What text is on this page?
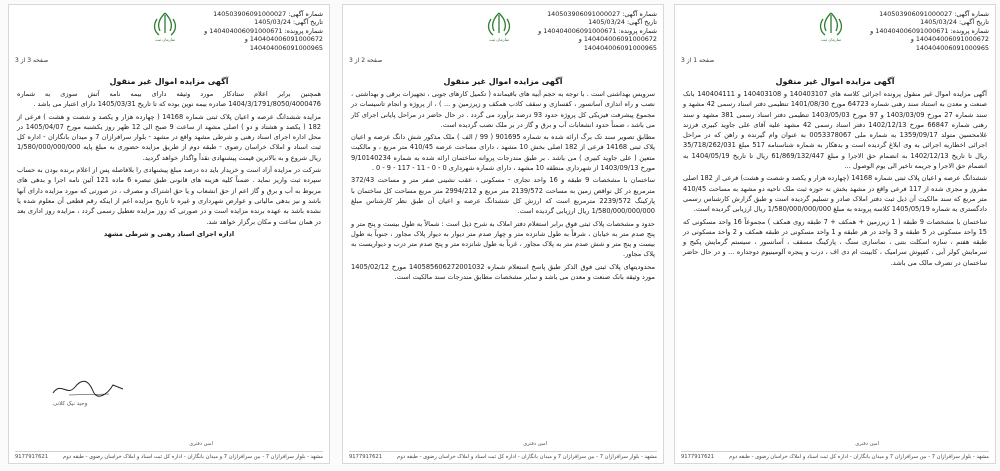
شماره آگهی: 140503906091000027
تاریخ آگهی: 1405/03/24
شماره پرونده: 140404006091000671 و
140404006091000672 و
140404006091000965
سازمان ثبت
صفحه 1 از 3
آگهی مزایده اموال غیر منقول

آگهی مزایده اموال غیر منقول پرونده اجرائی کلاسه های 140403107 و 140403108 و 140404111 بانک صنعت و معدن به استناد سند رهنی شماره 64723 مورخ 1401/08/30 تنظیمی دفتر اسناد رسمی 42 مشهد و سند شماره 27 مورخ 1403/03/09 و 97 مورخ 1403/05/03 تنظیمی دفتر اسناد رسمی 381 مشهد و سند رهنی شماره 66847 مورخ 1402/12/13 دفتر اسناد رسمی 42 مشهد علیه آقای علی جاوید کبیری فرزند غلامحسین متولد 1359/09/17 به شماره ملی 0053378067 به عنوان وام گیرنده و راهن که در مراحل اجرائی اخطاریه اجرائی به وی ابلاغ گردیده است و بدهکار به شماره شناسنامه 517 مبلغ 35/718/262/031 ریال تا تاریخ 1402/12/13 به انضمام حق الاجرا و مبلغ 61/869/132/447 ریال تا تاریخ 1404/05/19 به انضمام حق الاجرا و جریمه تاخیر الی یوم الوصول ...

ششدانگ عرصه و اعیان پلاک ثبتی شماره 14168 (چهارده هزار و یکصد و شصت و هشت) فرعی از 182 اصلی مفروز و مجزی شده از 117 فرعی واقع در مشهد بخش نه حوزه ثبت ملک ناحیه دو مشهد به مساحت 410/45 متر مربع که سند مالکیت آن ذیل ثبت دفتر املاک صادر و تسلیم گردیده است و طبق گزارش کارشناس رسمی دادگستری به شماره 1405/05/19 کلاسه پرونده به مبلغ 1/580/000/000/000 ریال ارزیابی گردیده است.

ساختمان با مشخصات 9 طبقه ( 1 زیرزمین + همکف + 7 طبقه روی همکف ) مجموعاً 16 واحد مسکونی که 15 واحد مسکونی در 5 طبقه و 3 واحد در هر طبقه و 1 واحد مسکونی در طبقه همکف و 2 واحد مسکونی در طبقه هفتم ، سازه اسکلت بتنی ، نماسازی سنگ ، پارکینگ مسقف ، آسانسور ، سیستم گرمایش پکیج و سرمایش کولر آبی ، کفپوش سرامیک ، کابینت ام دی اف ، درب و پنجره آلومینیوم دوجداره ... و در حال حاضر ساختمان در تصرف مالک می باشد.

امین دفتری
مشهد - بلوار سرافرازان 7 - بین سرافرازان 7 و میدان بانگاران - اداره کل ثبت اسناد و املاک خراسان رضوی - طبقه دوم
9177917621
شماره آگهی: 140503906091000027
تاریخ آگهی: 1405/03/24
شماره پرونده: 140404006091000671 و
140404006091000672 و
140404006091000965
سازمان ثبت
صفحه 2 از 3
آگهی مزایده اموال غیر منقول

سرویس بهداشتی است . با توجه به حجم آبیه های باقیمانده ( تکمیل کارهای جوبی ، تجهیزات برقی و بهداشتی ، نصب و راه اندازی آسانسور ، کفسازی و سقف کاذب همکف و زیرزمین و ... ) ، از پروژه و انجام تاسیسات در مجموع پیشرفت فیزیکی کل پروژه حدود 93 درصد برآورد می گردد . در حال حاضر در مراحل پایانی اجرای کار می باشد ، ضمناً حدود انشعابات آب و برق و گاز در بر ملک نصب گردیده است.

مطابق تصویر سند تک برگ ارائه شده به شماره 901695 ( 99 / الف ) ملک مذکور شش دانگ عرصه و اعیان پلاک ثبتی 14168 فرعی از 182 اصلی بخش 10 مشهد ، دارای مساحت عرصه 410/45 متر مربع ، و مالکیت متعین ( علی جاوید کبیری ) می باشد . بر طبق مندرجات پروانه ساختمان ارائه شده به شماره 9/10140234 مورخ 1403/09/13 از شهرداری منطقه 10 مشهد ، دارای شماره شهرداری 0 - 0 - 11 - 117 - 9 - 0 .

ساختمان با مشخصات 9 طبقه و 16 واحد تجاری - مسکونی ، عقب نشینی صفر متر و مساحت 372/43 مترمربع در کل نواقص زمین به مساحت 2139/572 متر مربع و 2994/212 متر مربع مساحت کل ساختمان با پارکینگ 2239/572 مترمربع است که ارزش کل ششدانگ عرصه و اعیان آن طبق نظر کارشناس مبلغ 1/580/000/000/000 ریال ارزیابی گردیده است.

حدود و مشخصات پلاک ثبتی فوق برابر استعلام دفتر املاک به شرح ذیل است : شمالاً به طول بیست و پنج متر و پنج صدم متر به خیابان ، شرقاً به طول شانزده متر و چهار صدم متر دیوار به دیوار پلاک مجاور ، جنوباً به طول بیست و پنج متر و شش صدم متر به پلاک مجاور ، غرباً به طول شانزده متر و پنج صدم متر درب و دیواریست به پلاک مجاور.

محدودیتهای پلاک ثبتی فوق الذکر طبق پاسخ استعلام شماره 140585606272001032 مورخ 1405/02/12 مورد وثیقه بانک صنعت و معدن می باشد و سایر مشخصات مطابق مندرجات سند مالکیت است.

امین دفتری
مشهد - بلوار سرافرازان 7 - بین سرافرازان 7 و میدان بانگاران - اداره کل ثبت اسناد و املاک خراسان رضوی - طبقه دوم
9177917621
شماره آگهی: 140503906091000027
تاریخ آگهی: 1405/03/24
شماره پرونده: 140404006091000671 و
140404006091000672 و
140404006091000965
سازمان ثبت
صفحه 3 از 3
آگهی مزایده اموال غیر منقول

همچنین برابر اعلام ستادکار مورد وثیقه دارای بیمه نامه آتش سوزی به شماره 1404/3/1791/8050/4000476 صادره بیمه نوین بوده که تا تاریخ 1405/03/31 دارای اعتبار می باشد .

مزایده ششدانگ عرصه و اعیان پلاک ثبتی شماره 14168 ( چهارده هزار و یکصد و شصت و هشت ) فرعی از 182 ( یکصد و هشتاد و دو ) اصلی مشهد از ساعت 9 صبح الی 12 ظهر روز یکشنبه مورخ 1405/04/07 در محل اداره اجرای اسناد رهنی و شرطی مشهد واقع در مشهد - بلوار سرافرازان 7 و میدان بانگاران - اداره کل ثبت اسناد و املاک خراسان رضوی - طبقه دوم از طریق مزایده حضوری به مبلغ پایه 1/580/000/000/000 ریال شروع و به بالاترین قیمت پیشنهادی نقداً واگذار خواهد گردید.

شرکت در مزایده آزاد است و خریدار باید ده درصد مبلغ پیشنهادی را بلافاصله پس از اعلام برنده بودن به حساب سپرده ثبت واریز نماید . ضمناً کلیه هزینه های قانونی طبق تبصره 6 ماده 121 آئین نامه اجرا و بدهی های مربوط به آب و برق و گاز اعم از حق انشعاب و یا حق اشتراک و مصرف ، در صورتی که مورد مزایده دارای آنها باشد و نیز بدهی مالیاتی و عوارض شهرداری و غیره تا تاریخ مزایده اعم از اینکه رقم قطعی آن معلوم شده یا نشده باشد به عهده برنده مزایده است و در صورتی که روز مزایده تعطیل رسمی گردد ، مزایده روز اداری بعد در همان ساعت و مکان برگزار خواهد شد.

اداره اجرای اسناد رهنی و شرطی مشهد

وحید نیک کلانی
امین دفتری
مشهد - بلوار سرافرازان 7 - بین سرافرازان 7 و میدان بانگاران - اداره کل ثبت اسناد و املاک خراسان رضوی - طبقه دوم
9177917621
